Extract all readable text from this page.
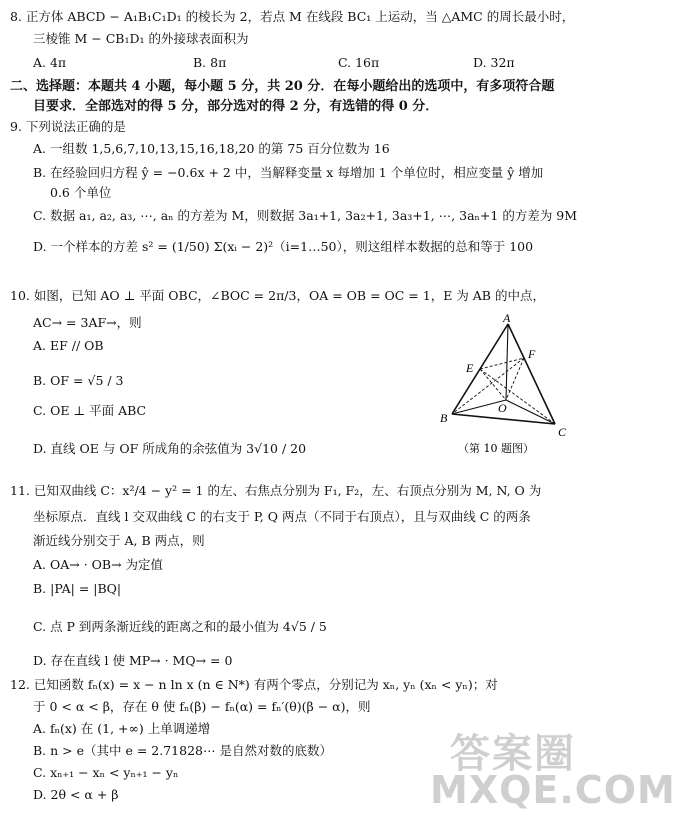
8. 正方体 ABCD − A₁B₁C₁D₁ 的棱长为 2，若点 M 在线段 BC₁ 上运动，当 △AMC 的周长最小时，
三棱锥 M − CB₁D₁ 的外接球表面积为
A. 4π	B. 8π	C. 16π	D. 32π
二、选择题：本题共 4 小题，每小题 5 分，共 20 分．在每小题给出的选项中，有多项符合题
目要求．全部选对的得 5 分，部分选对的得 2 分，有选错的得 0 分．
9. 下列说法正确的是
A. 一组数 1,5,6,7,10,13,15,16,18,20 的第 75 百分位数为 16
B. 在经验回归方程 ŷ = −0.6x + 2 中，当解释变量 x 每增加 1 个单位时，相应变量 ŷ 增加
0.6 个单位
C. 数据 a₁, a₂, a₃, ⋯, aₙ 的方差为 M，则数据 3a₁+1, 3a₂+1, 3a₃+1, ⋯, 3aₙ+1 的方差为 9M
D. 一个样本的方差 s² = (1/50) Σ(xᵢ − 2)²（i=1…50），则这组样本数据的总和等于 100
10. 如图，已知 AO ⊥ 平面 OBC，∠BOC = 2π/3，OA = OB = OC = 1，E 为 AB 的中点，
AC→ = 3AF→，则
A. EF // OB
B. OF = √5 / 3
C. OE ⊥ 平面 ABC
D. 直线 OE 与 OF 所成角的余弦值为 3√10 / 20
A
E
F
O
B
C
（第 10 题图）
11. 已知双曲线 C：x²/4 − y² = 1 的左、右焦点分别为 F₁, F₂，左、右顶点分别为 M, N, O 为
坐标原点．直线 l 交双曲线 C 的右支于 P, Q 两点（不同于右顶点），且与双曲线 C 的两条
渐近线分别交于 A, B 两点，则
A. OA→ · OB→ 为定值
B. |PA| = |BQ|
C. 点 P 到两条渐近线的距离之和的最小值为 4√5 / 5
D. 存在直线 l 使 MP→ · MQ→ = 0
12. 已知函数 fₙ(x) = x − n ln x (n ∈ N*) 有两个零点，分别记为 xₙ, yₙ (xₙ < yₙ)；对
于 0 < α < β，存在 θ 使 fₙ(β) − fₙ(α) = fₙ′(θ)(β − α)，则
A. fₙ(x) 在 (1, +∞) 上单调递增
B. n > e（其中 e = 2.71828⋯ 是自然对数的底数）
C. xₙ₊₁ − xₙ < yₙ₊₁ − yₙ
D. 2θ < α + β
答案圈
MXQE.COM
